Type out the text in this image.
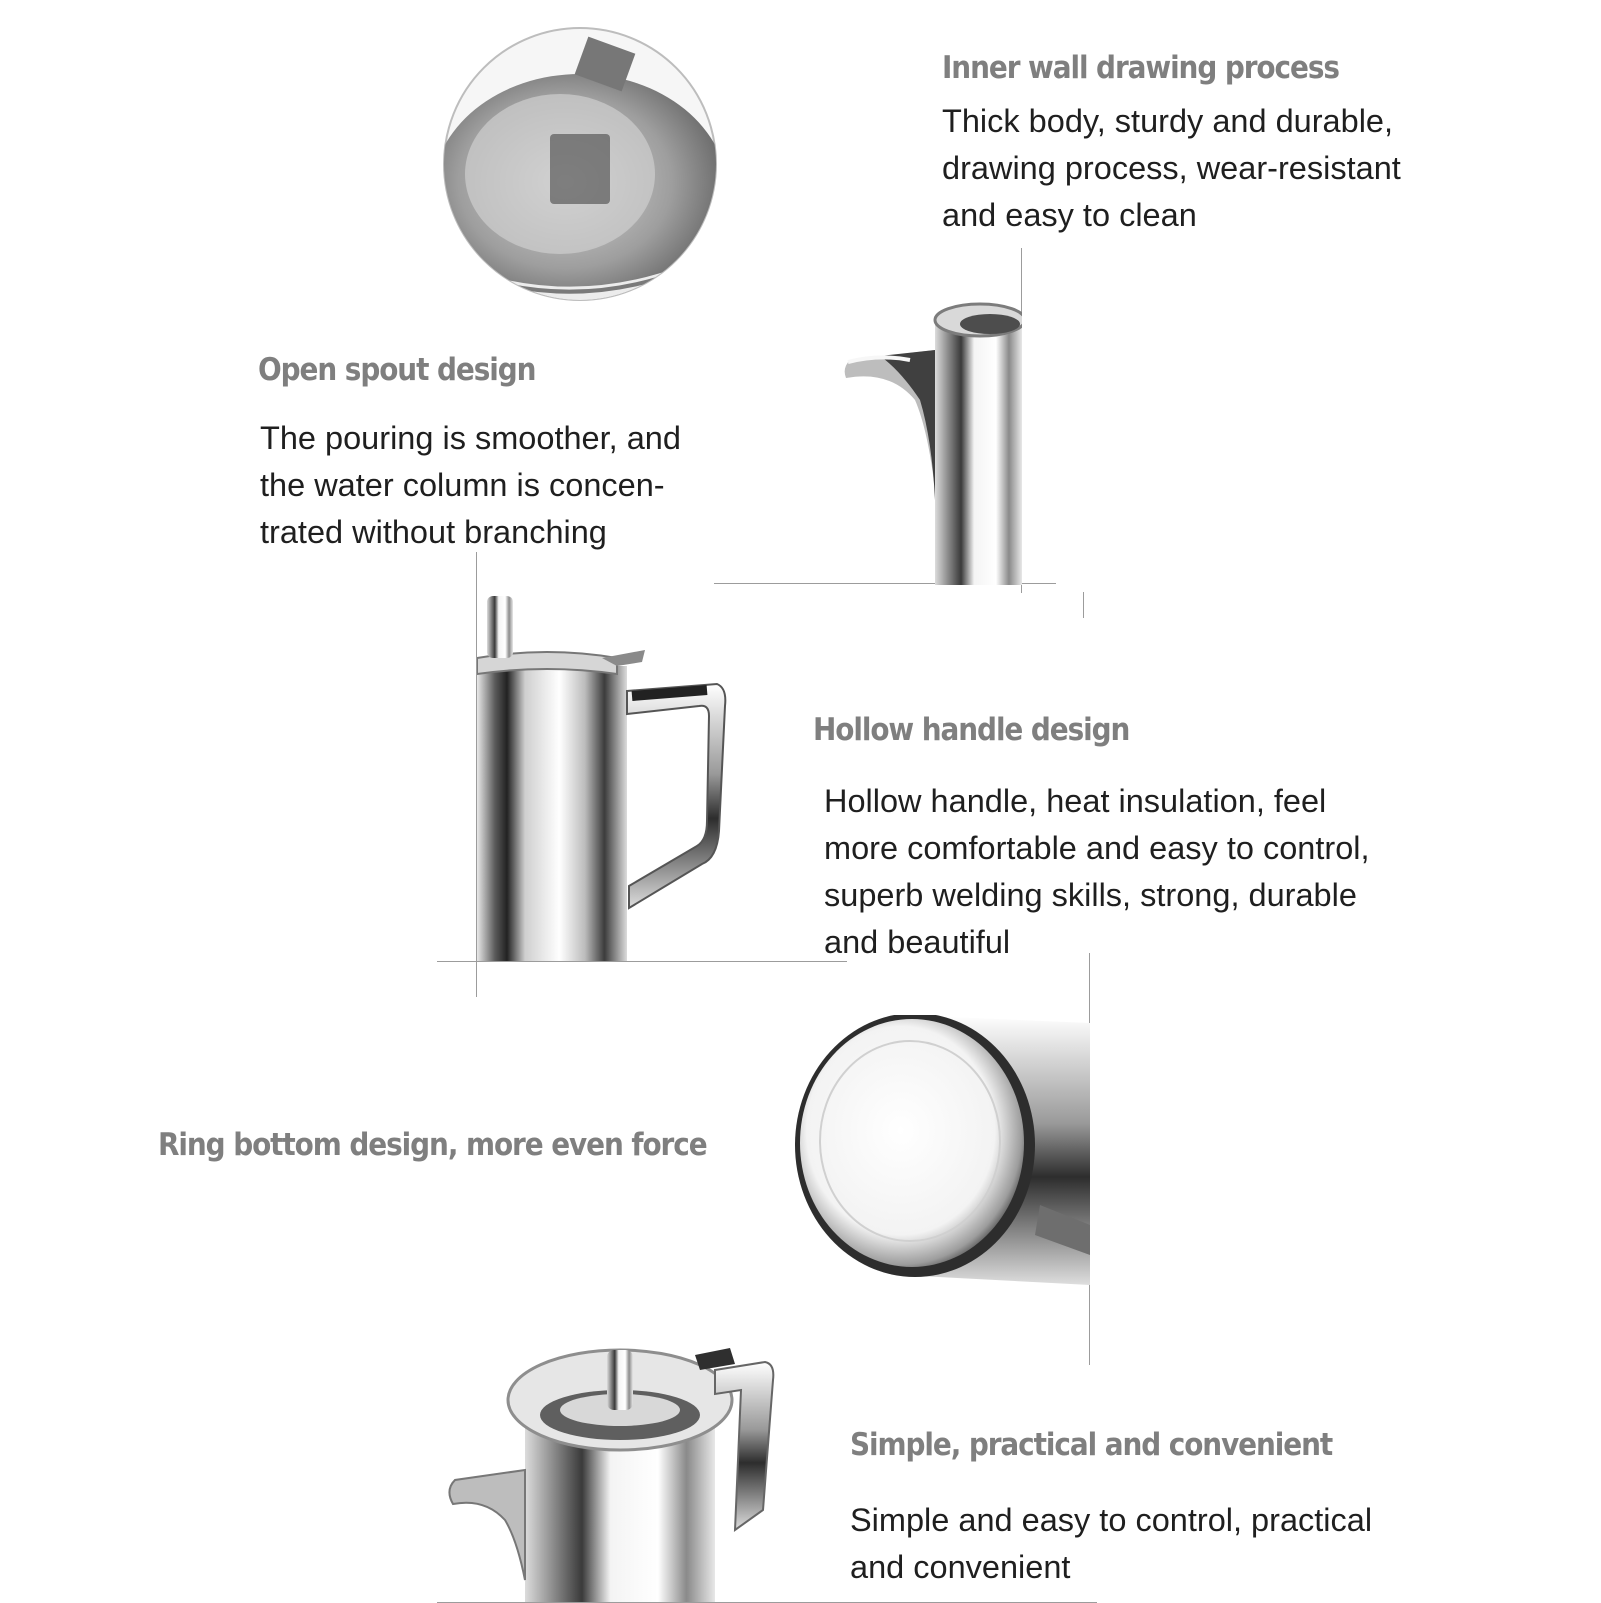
Inner wall drawing process
Thick body, sturdy and durable,
drawing process, wear-resistant
and easy to clean
Open spout design
The pouring is smoother, and
the water column is concen-
trated without branching
Hollow handle design
Hollow handle, heat insulation, feel
more comfortable and easy to control,
superb welding skills, strong, durable
and beautiful
Ring bottom design, more even force
Simple, practical and convenient
Simple and easy to control, practical
and convenient
